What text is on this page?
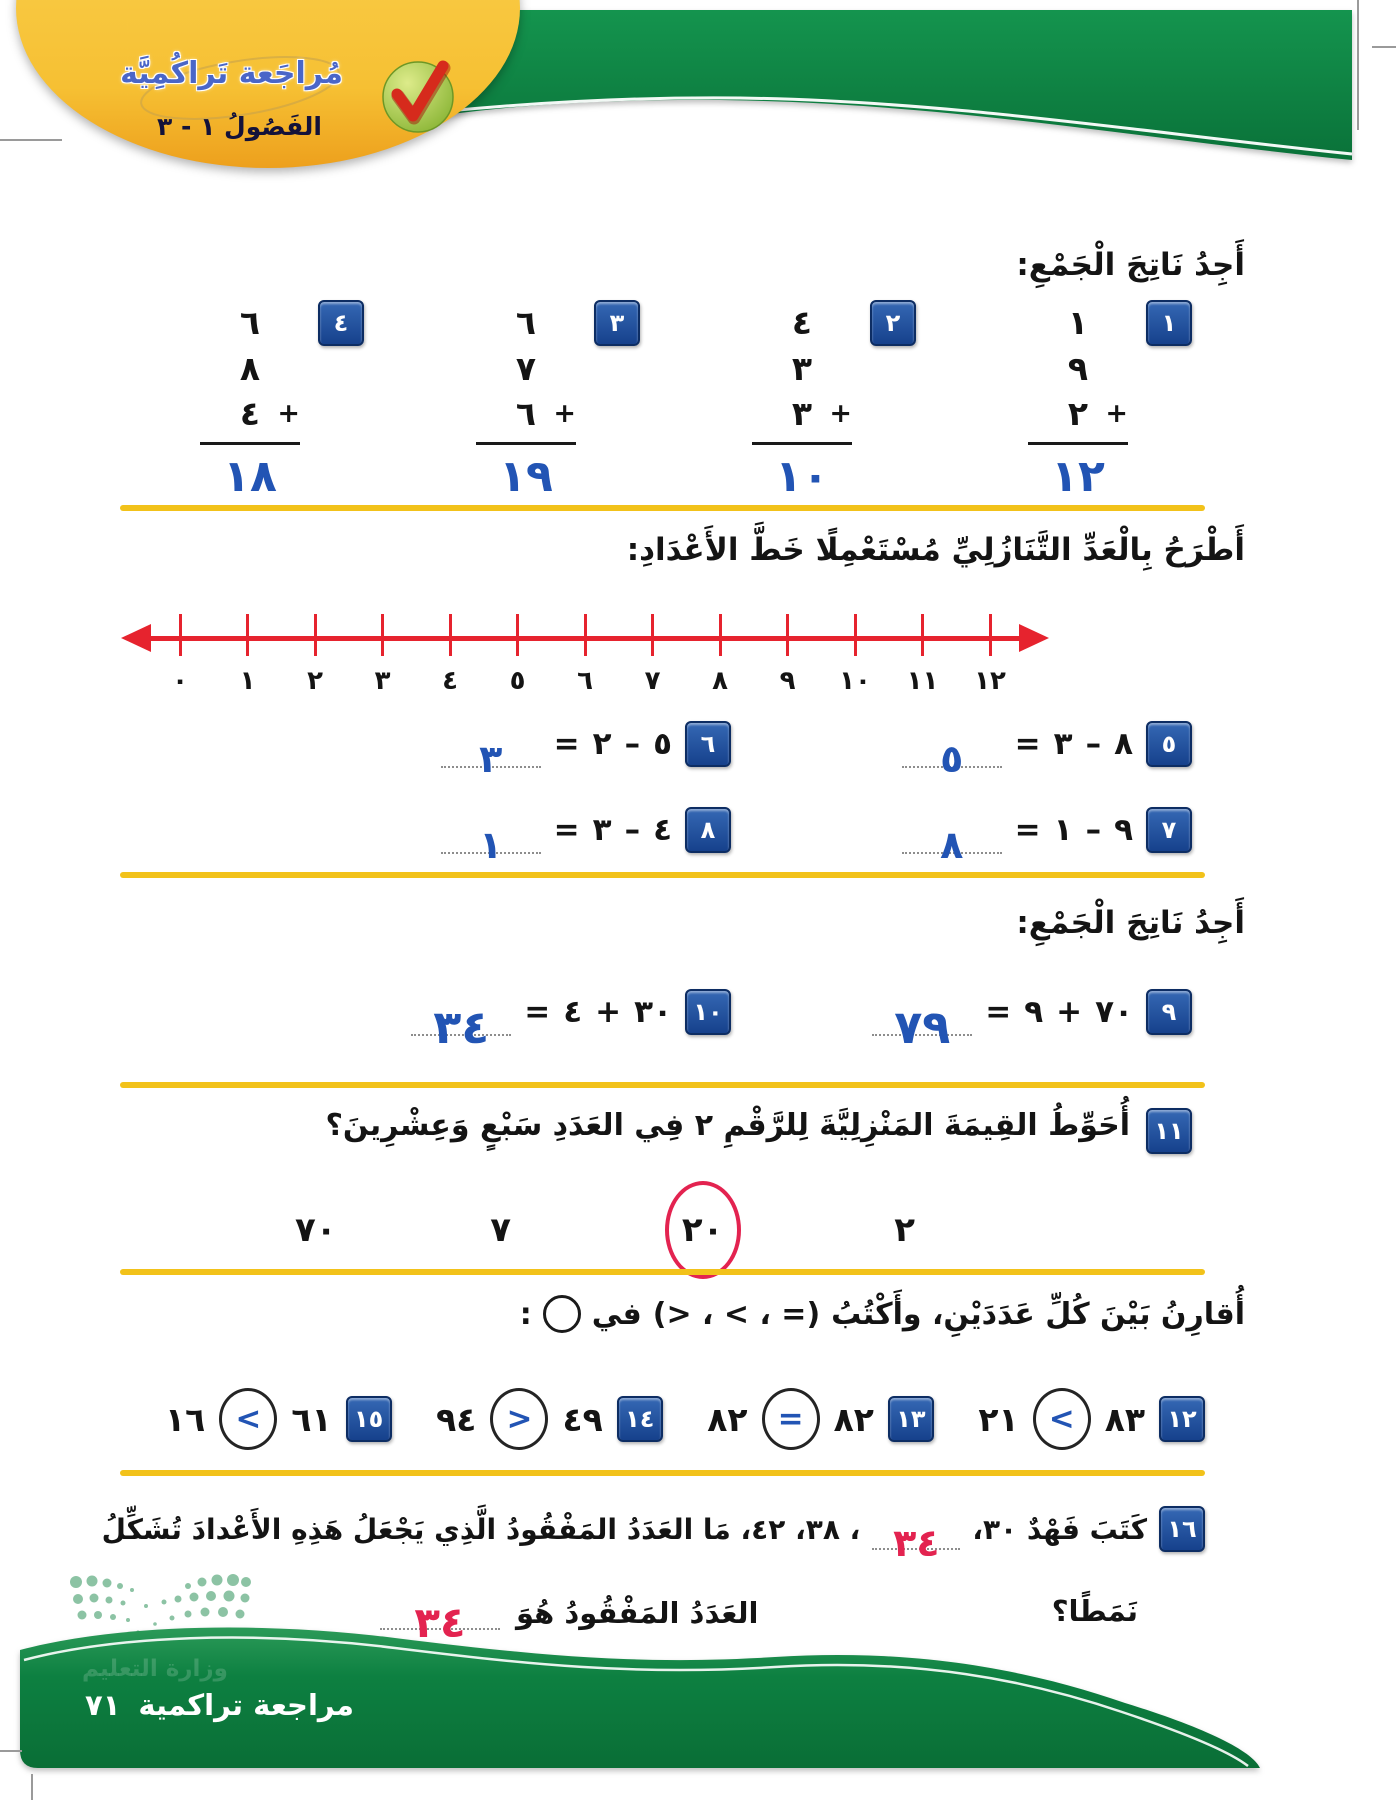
مُراجَعة تَراكُمِيَّة
الفَصُولُ ١ - ٣
أَجِدُ نَاتِجَ الْجَمْعِ:
١
١
٩
٢ +
١٢
٢
٤
٣
٣ +
١٠
٣
٦
٧
٦ +
١٩
٤
٦
٨
٤ +
١٨
أَطْرَحُ بِالْعَدِّ التَّنَازُلِيِّ مُسْتَعْمِلًا خَطَّ الأَعْدَادِ:
٠ ١ ٢ ٣ ٤ ٥ ٦ ٧ ٨ ٩ ١٠ ١١ ١٢
٥
٨
–
٣
=
٥
٦
٥
–
٢
=
٣
٧
٩
–
١
=
٨
٨
٤
–
٣
=
١
أَجِدُ نَاتِجَ الْجَمْعِ:
٩
٧٠
+
٩
=
٧٩
١٠
٣٠
+
٤
=
٣٤
١١
أُحَوِّطُ القِيمَةَ المَنْزِلِيَّةَ لِلرَّقْمِ ٢ فِي العَدَدِ سَبْعٍ وَعِشْرِينَ؟
٢
٢٠
٧
٧٠
أُقارِنُ بَيْنَ كُلِّ عَدَدَيْنِ، وأَكْتُبُ
(> ، < ، =)
في
:
١٢
٨٣
<
٢١
١٣
٨٢
=
٨٢
١٤
٤٩
>
٩٤
١٥
٦١
<
١٦
١٦
كَتَبَ فَهْدٌ ٣٠،
٣٤
، ٣٨، ٤٢، مَا العَدَدُ المَفْقُودُ الَّذِي يَجْعَلُ هَذِهِ الأَعْدادَ تُشَكِّلُ
نَمَطًا؟
العَدَدُ المَفْقُودُ هُوَ
٣٤
وزارة التعليم
مراجعة تراكمية
٧١
